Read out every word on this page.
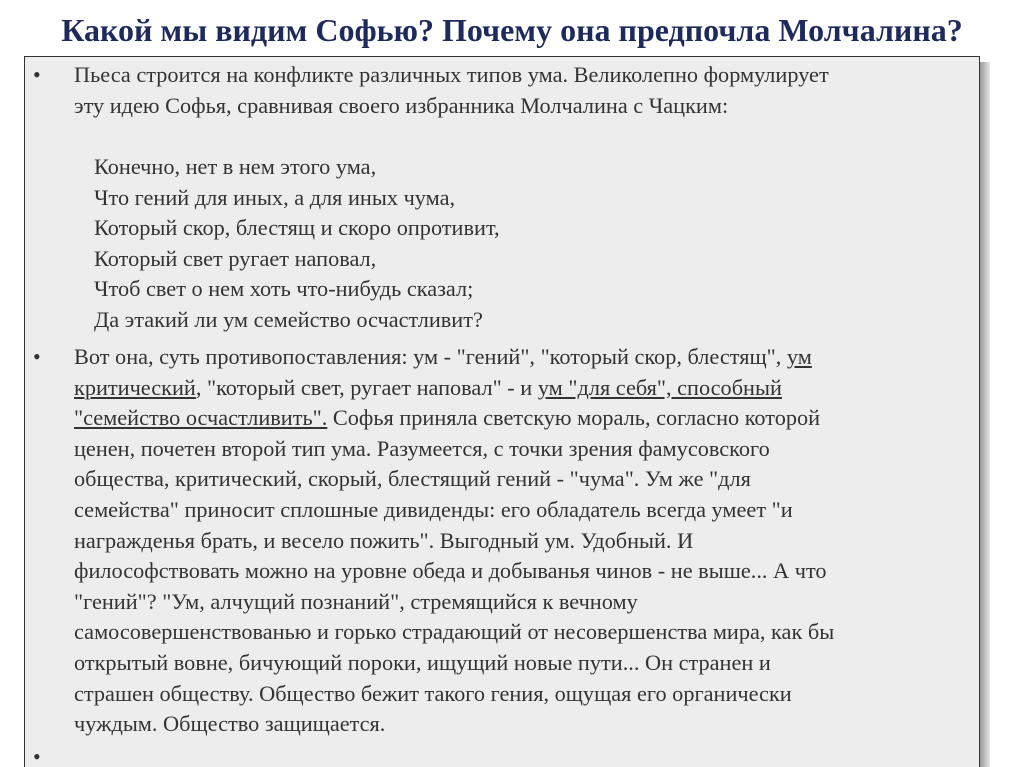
Какой мы видим Софью? Почему она предпочла Молчалина?
• Пьеса строится на конфликте различных типов ума. Великолепно формулирует
эту идею Софья, сравнивая своего избранника Молчалина с Чацким:
Конечно, нет в нем этого ума,
Что гений для иных, а для иных чума,
Который скор, блестящ и скоро опротивит,
Который свет ругает наповал,
Чтоб свет о нем хоть что-нибудь сказал;
Да этакий ли ум семейство осчастливит?
• Вот она, суть противопоставления: ум - "гений", "который скор, блестящ", ум
критический, "который свет, ругает наповал" - и ум "для себя", способный
"семейство осчастливить". Софья приняла светскую мораль, согласно которой
ценен, почетен второй тип ума. Разумеется, с точки зрения фамусовского
общества, критический, скорый, блестящий гений - "чума". Ум же "для
семейства" приносит сплошные дивиденды: его обладатель всегда умеет "и
награжденья брать, и весело пожить". Выгодный ум. Удобный. И
философствовать можно на уровне обеда и добыванья чинов - не выше... А что
"гений"? "Ум, алчущий познаний", стремящийся к вечному
самосовершенствованью и горько страдающий от несовершенства мира, как бы
открытый вовне, бичующий пороки, ищущий новые пути... Он странен и
страшен обществу. Общество бежит такого гения, ощущая его органически
чуждым. Общество защищается.
•
